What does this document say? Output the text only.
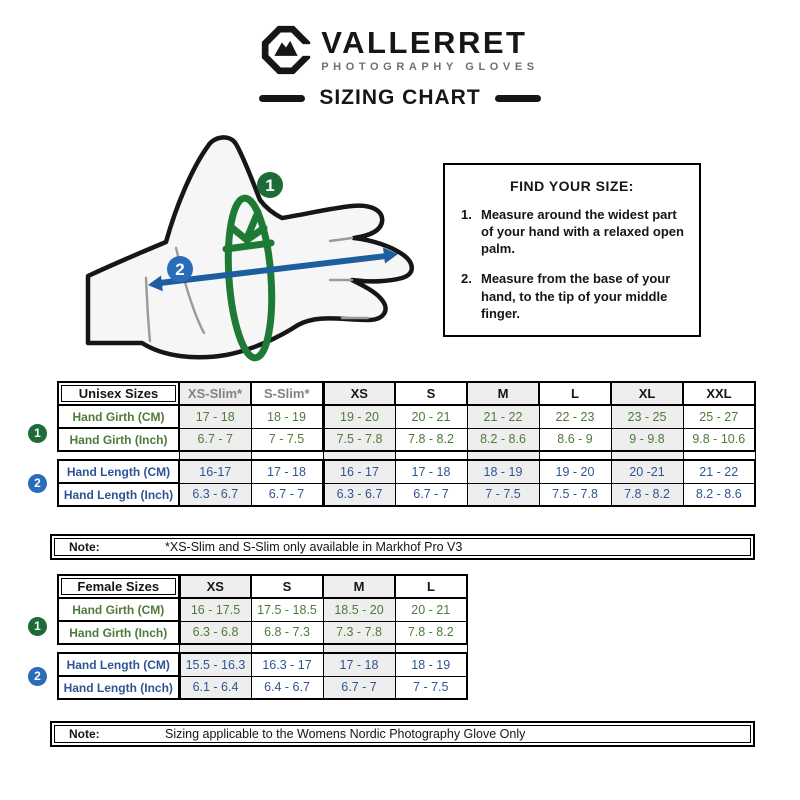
VALLERRET
PHOTOGRAPHY GLOVES
SIZING CHART
1
2
FIND YOUR SIZE:
1. Measure around the widest part of your hand with a relaxed open palm.
2. Measure from the base of your hand, to the tip of your middle finger.
Unisex Sizes	XS-Slim*	S-Slim*	XS	S	M	L	XL	XXL
Hand Girth (CM)	17 - 18	18 - 19	19 - 20	20 - 21	21 - 22	22 - 23	23 - 25	25 - 27
Hand Girth (Inch)	6.7 - 7	7 - 7.5	7.5 - 7.8	7.8 - 8.2	8.2 - 8.6	8.6 - 9	9 - 9.8	9.8 - 10.6

Hand Length (CM)	16-17	17 - 18	16 - 17	17 - 18	18 - 19	19 - 20	20 -21	21 - 22
Hand Length (Inch)	6.3 - 6.7	6.7 - 7	6.3 - 6.7	6.7 - 7	7 - 7.5	7.5 - 7.8	7.8 - 8.2	8.2 - 8.6
1
2
Note:	*XS-Slim and S-Slim only available in Markhof Pro V3
Female Sizes	XS	S	M	L
Hand Girth (CM)	16 - 17.5	17.5 - 18.5	18.5 - 20	20 - 21
Hand Girth (Inch)	6.3 - 6.8	6.8 - 7.3	7.3 - 7.8	7.8 - 8.2

Hand Length (CM)	15.5 - 16.3	16.3 - 17	17 - 18	18 - 19
Hand Length (Inch)	6.1 - 6.4	6.4 - 6.7	6.7 - 7	7 - 7.5
1
2
Note:	Sizing applicable to the Womens Nordic Photography Glove Only
